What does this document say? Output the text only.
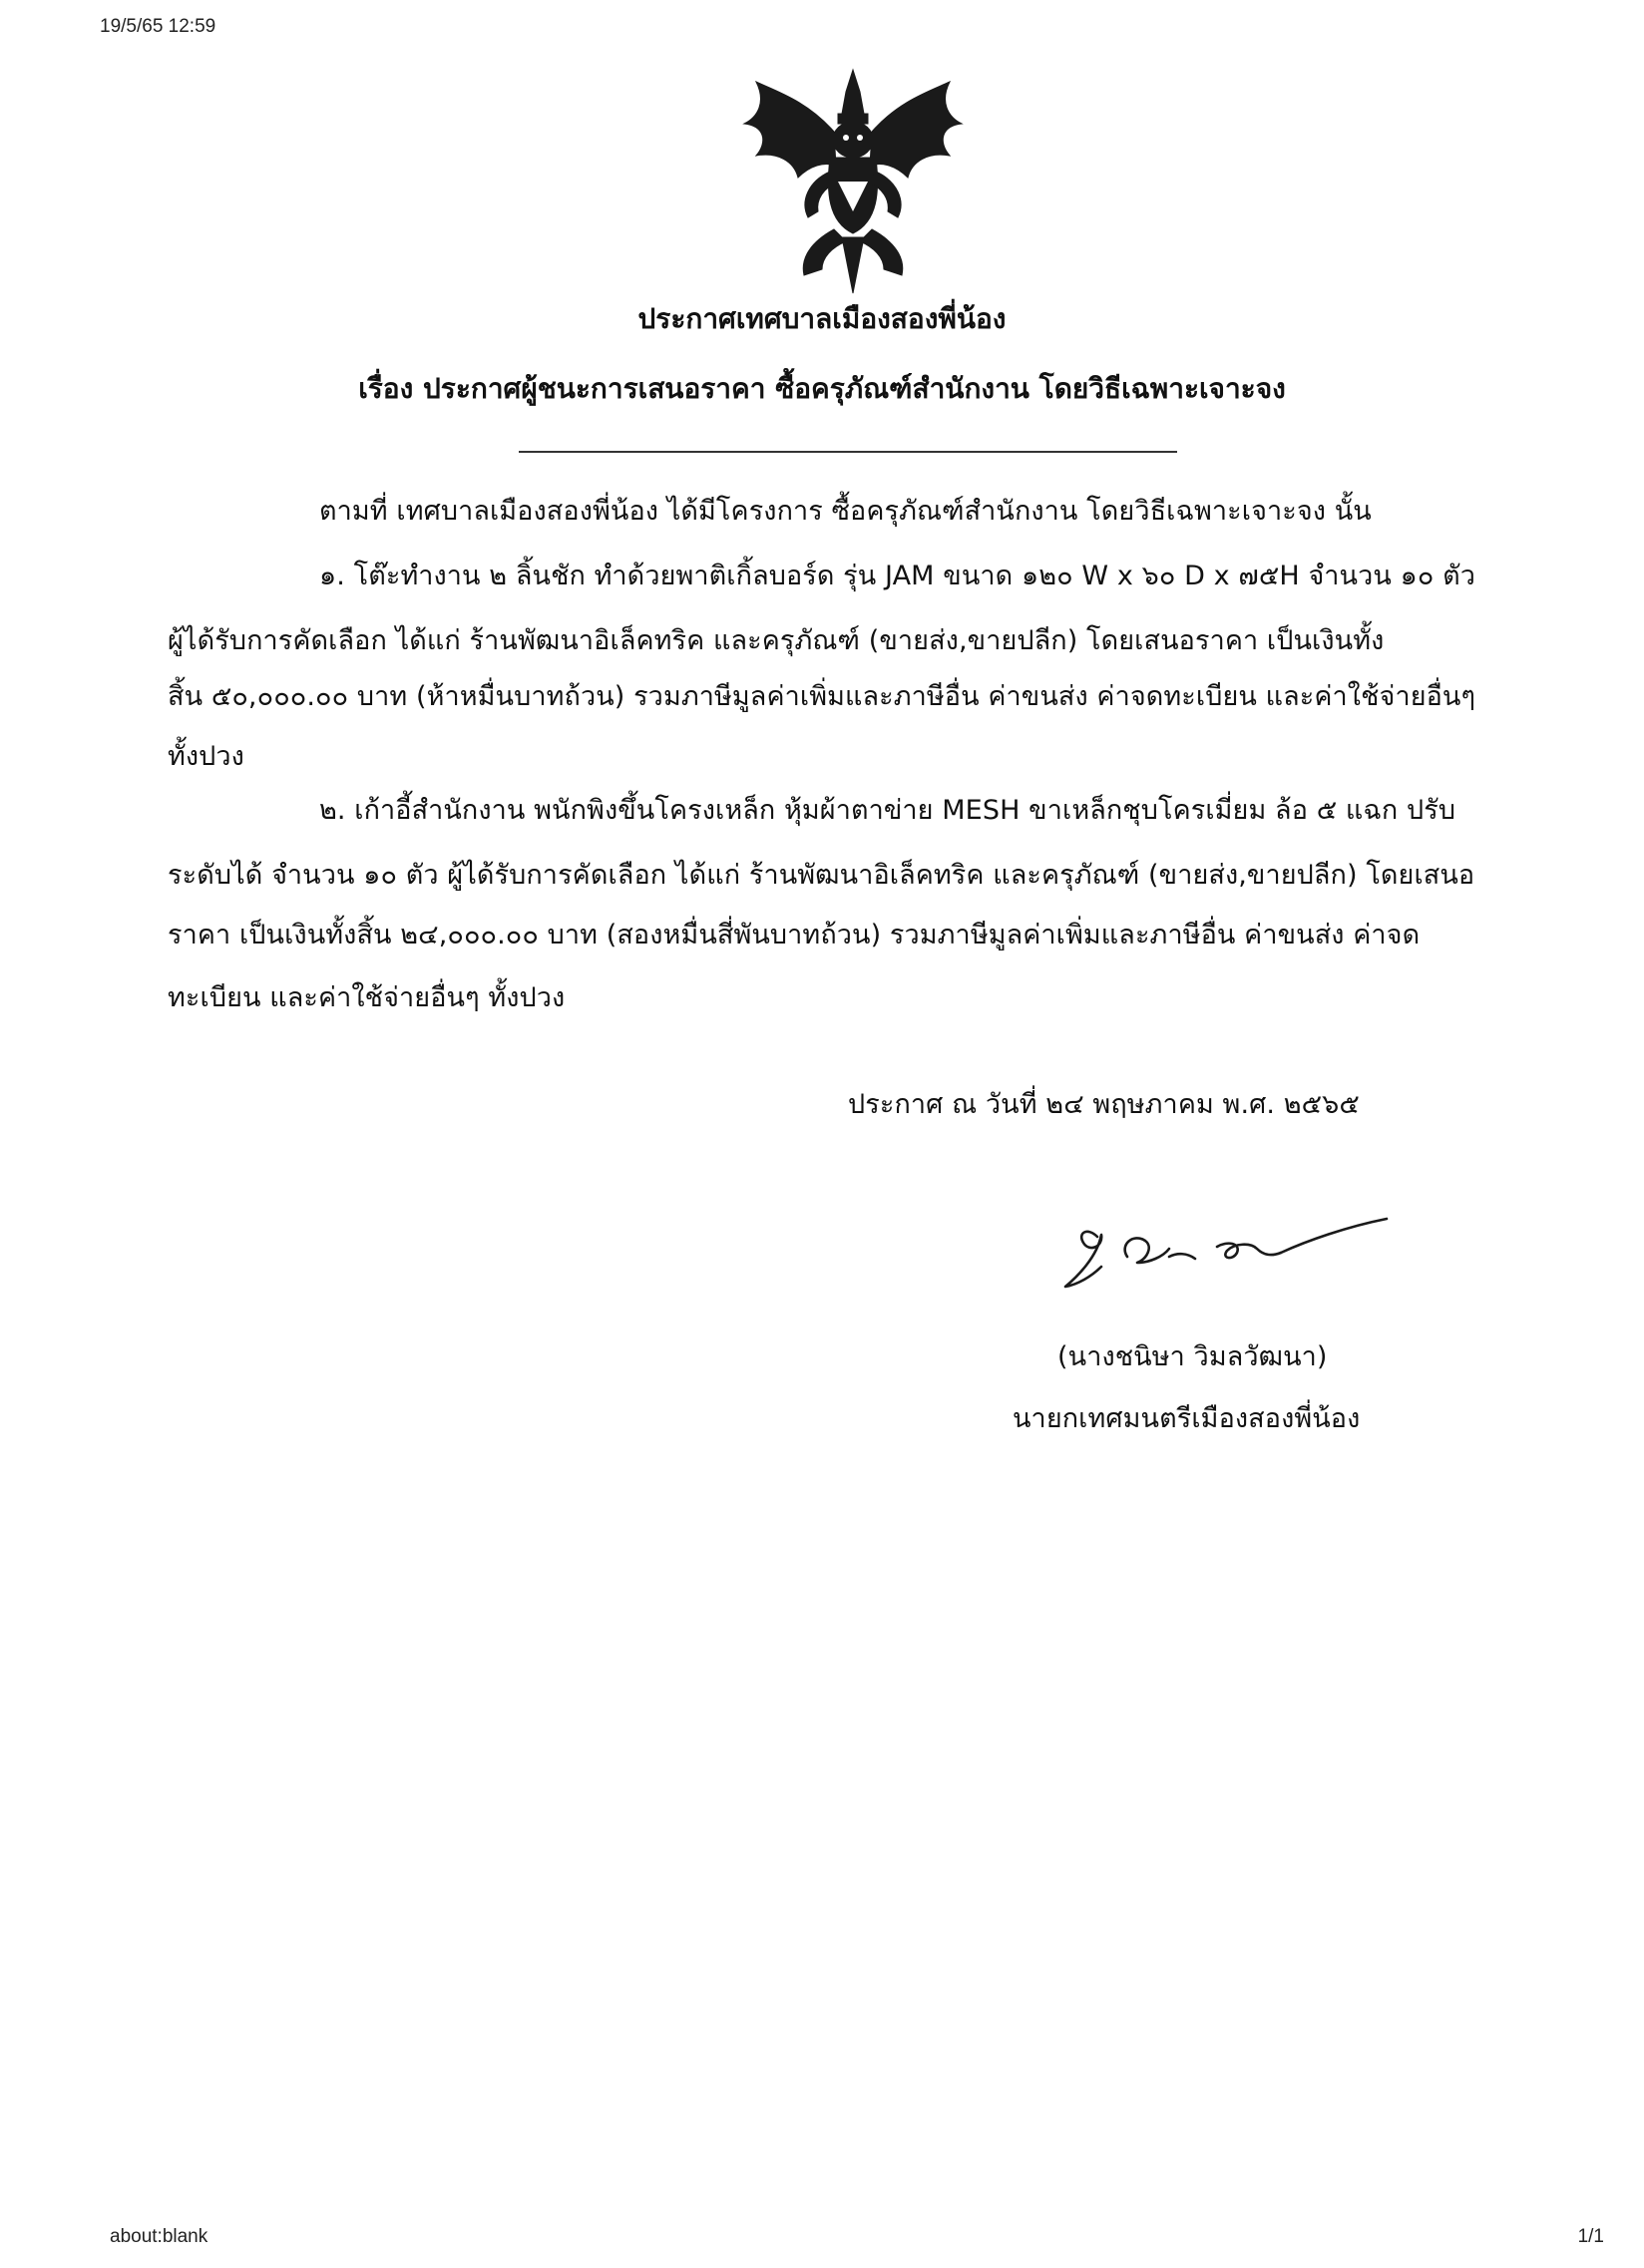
19/5/65 12:59
ประกาศเทศบาลเมืองสองพี่น้อง
เรื่อง ประกาศผู้ชนะการเสนอราคา ซื้อครุภัณฑ์สำนักงาน โดยวิธีเฉพาะเจาะจง
ตามที่ เทศบาลเมืองสองพี่น้อง ได้มีโครงการ ซื้อครุภัณฑ์สำนักงาน โดยวิธีเฉพาะเจาะจง นั้น
๑. โต๊ะทำงาน ๒ ลิ้นชัก ทำด้วยพาติเกิ้ลบอร์ด รุ่น JAM ขนาด ๑๒๐ W x ๖๐ D x ๗๕H จำนวน ๑๐ ตัว
ผู้ได้รับการคัดเลือก ได้แก่ ร้านพัฒนาอิเล็คทริค และครุภัณฑ์ (ขายส่ง,ขายปลีก) โดยเสนอราคา เป็นเงินทั้ง
สิ้น ๕๐,๐๐๐.๐๐ บาท (ห้าหมื่นบาทถ้วน) รวมภาษีมูลค่าเพิ่มและภาษีอื่น ค่าขนส่ง ค่าจดทะเบียน และค่าใช้จ่ายอื่นๆ
ทั้งปวง
๒. เก้าอี้สำนักงาน พนักพิงขึ้นโครงเหล็ก หุ้มผ้าตาข่าย MESH ขาเหล็กชุบโครเมี่ยม ล้อ ๕ แฉก ปรับ
ระดับได้ จำนวน ๑๐ ตัว ผู้ได้รับการคัดเลือก ได้แก่ ร้านพัฒนาอิเล็คทริค และครุภัณฑ์ (ขายส่ง,ขายปลีก) โดยเสนอ
ราคา เป็นเงินทั้งสิ้น ๒๔,๐๐๐.๐๐ บาท (สองหมื่นสี่พันบาทถ้วน) รวมภาษีมูลค่าเพิ่มและภาษีอื่น ค่าขนส่ง ค่าจด
ทะเบียน และค่าใช้จ่ายอื่นๆ ทั้งปวง
ประกาศ ณ วันที่ ๒๔ พฤษภาคม พ.ศ. ๒๕๖๕
(นางชนิษา วิมลวัฒนา)
นายกเทศมนตรีเมืองสองพี่น้อง
about:blank	1/1
